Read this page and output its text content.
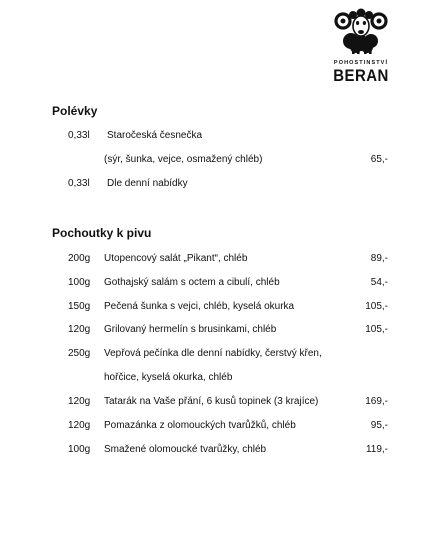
POHOSTINSTVÍ
BERAN
Polévky
0,33l Staročeská česnečka
(sýr, šunka, vejce, osmažený chléb)	65,-
0,33l Dle denní nabídky
Pochoutky k pivu
200g Utopencový salát „Pikant“, chléb	89,-
100g Gothajský salám s octem a cibulí, chléb	54,-
150g Pečená šunka s vejci, chléb, kyselá okurka	105,-
120g Grilovaný hermelín s brusinkami, chléb	105,-
250g Vepřová pečínka dle denní nabídky, čerstvý křen,
hořčice, kyselá okurka, chléb
120g Tatarák na Vaše přání, 6 kusů topinek (3 krajíce)	169,-
120g Pomazánka z olomouckých tvarůžků, chléb	95,-
100g Smažené olomoucké tvarůžky, chléb	119,-
